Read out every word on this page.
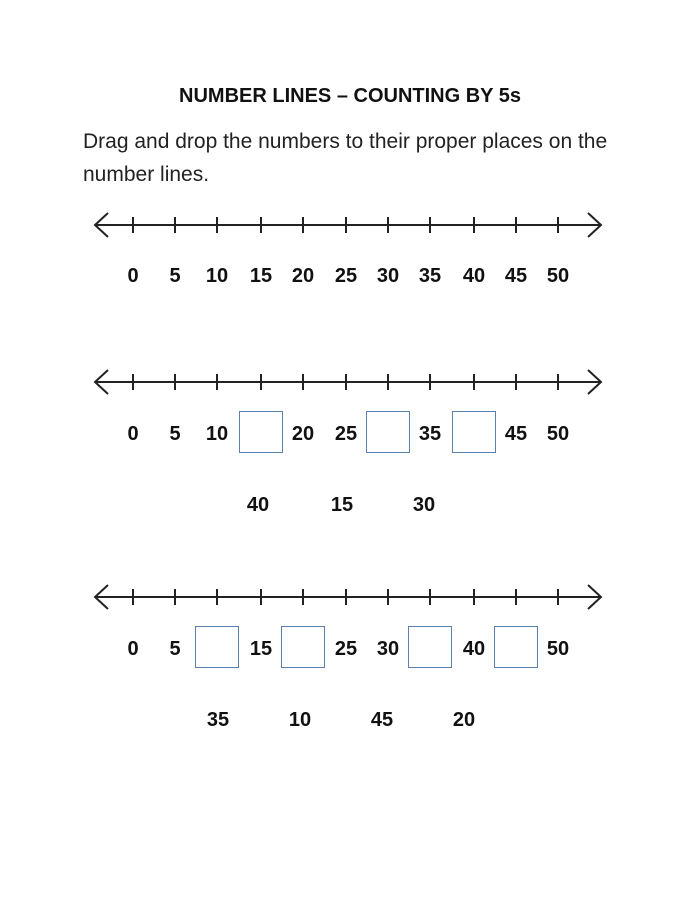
NUMBER LINES – COUNTING BY 5s
Drag and drop the numbers to their proper places on the number lines.
0 5 10 15 20 25 30 35 40 45 50
0 5 10	20 25	35	45 50
40	15	30
0 5	15	25 30	40	50
35	10	45	20
